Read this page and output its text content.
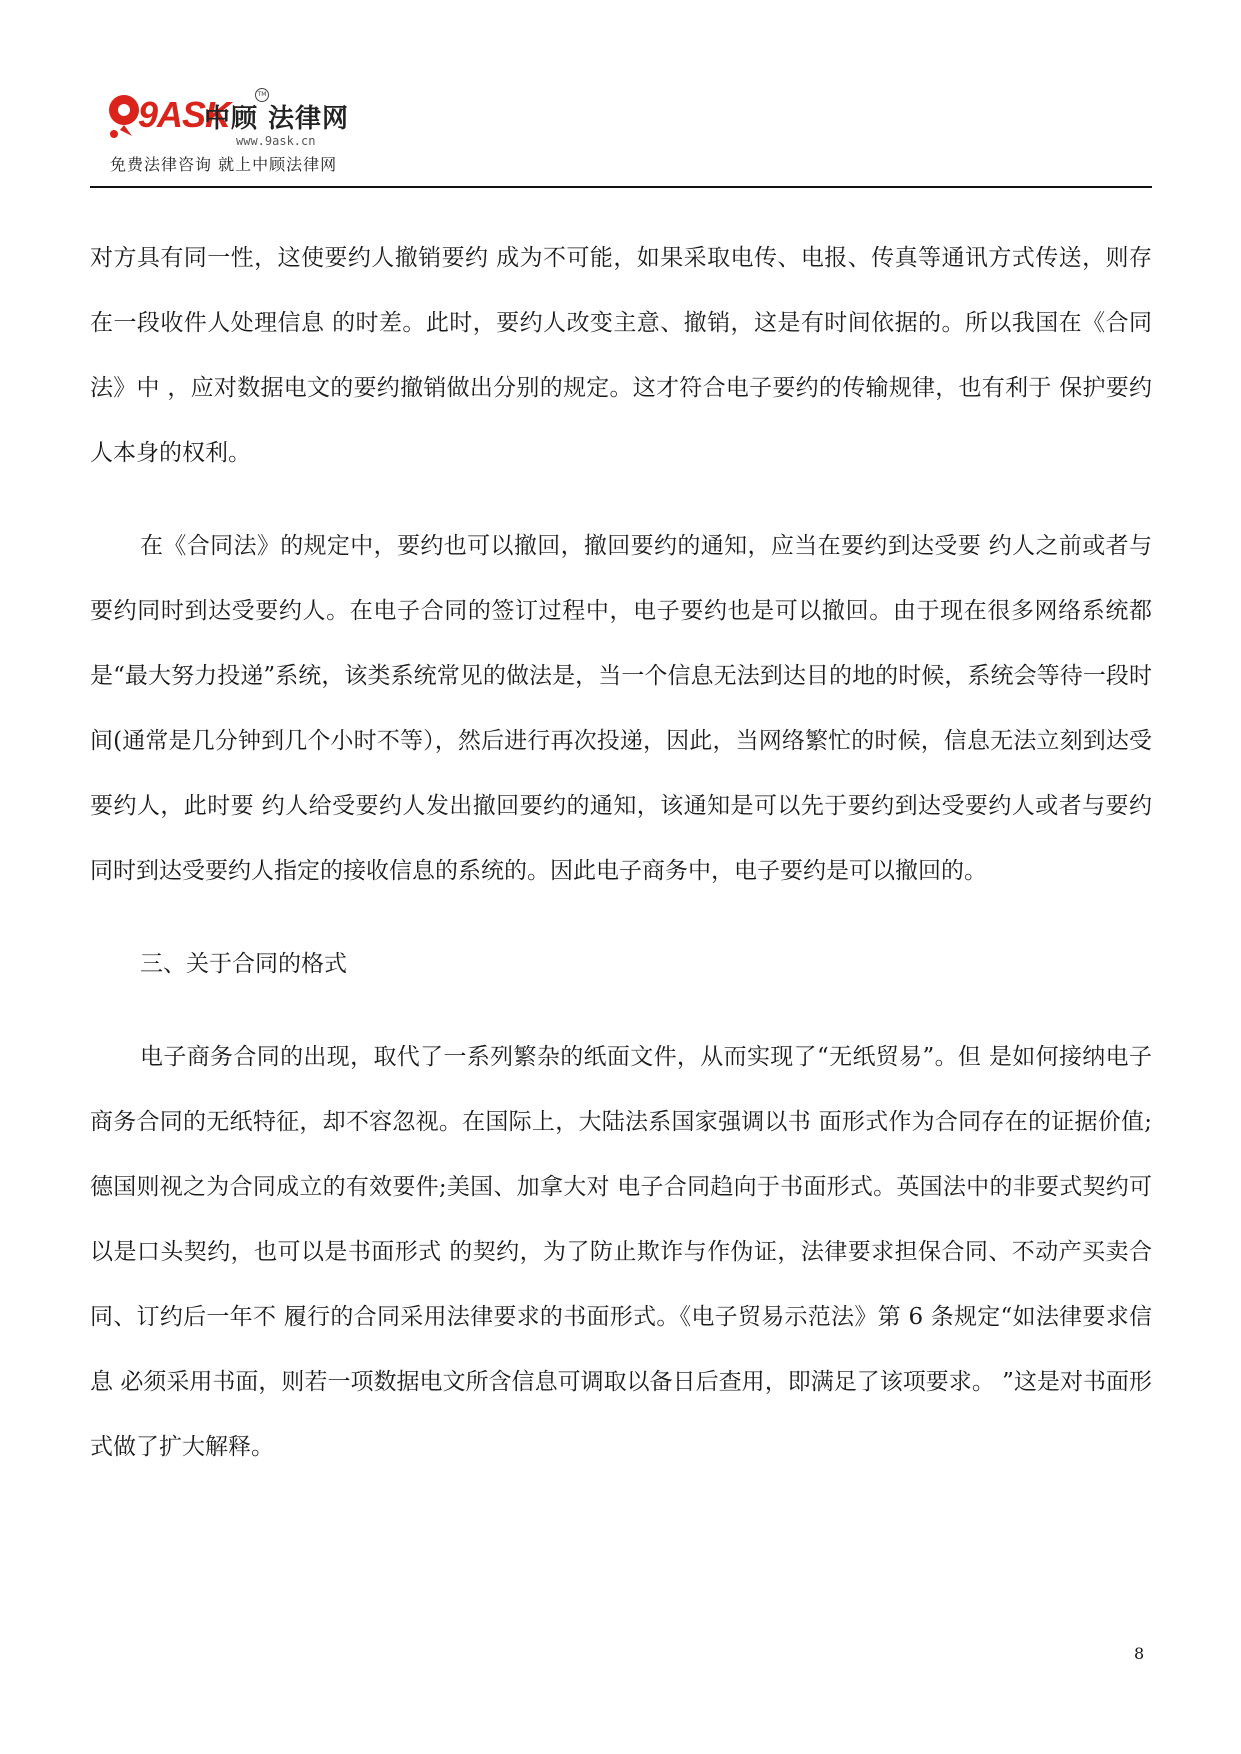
9ASK
中顾 法律网
TM
www.9ask.cn
免费法律咨询 就上中顾法律网

对方具有同一性，这使要约人撤销要约 成为不可能，如果采取电传、电报、传真等通讯方式传送，则存在一段收件人处理信息 的时差。此时，要约人改变主意、撤销，这是有时间依据的。所以我国在《合同法》中 ，应对数据电文的要约撤销做出分别的规定。这才符合电子要约的传输规律，也有利于 保护要约人本身的权利。

在《合同法》的规定中，要约也可以撤回，撤回要约的通知，应当在要约到达受要 约人之前或者与要约同时到达受要约人。在电子合同的签订过程中，电子要约也是可以撤回。由于现在很多网络系统都是“最大努力投递”系统，该类系统常见的做法是，当一个信息无法到达目的地的时候，系统会等待一段时间(通常是几分钟到几个小时不等），然后进行再次投递，因此，当网络繁忙的时候，信息无法立刻到达受要约人，此时要 约人给受要约人发出撤回要约的通知，该通知是可以先于要约到达受要约人或者与要约 同时到达受要约人指定的接收信息的系统的。因此电子商务中，电子要约是可以撤回的。

三、关于合同的格式

电子商务合同的出现，取代了一系列繁杂的纸面文件，从而实现了“无纸贸易”。但 是如何接纳电子商务合同的无纸特征，却不容忽视。在国际上，大陆法系国家强调以书 面形式作为合同存在的证据价值;德国则视之为合同成立的有效要件;美国、加拿大对 电子合同趋向于书面形式。英国法中的非要式契约可以是口头契约，也可以是书面形式 的契约，为了防止欺诈与作伪证，法律要求担保合同、不动产买卖合同、订约后一年不 履行的合同采用法律要求的书面形式。《电子贸易示范法》第 6 条规定“如法律要求信息 必须采用书面，则若一项数据电文所含信息可调取以备日后查用，即满足了该项要求。 ”这是对书面形式做了扩大解释。

8
